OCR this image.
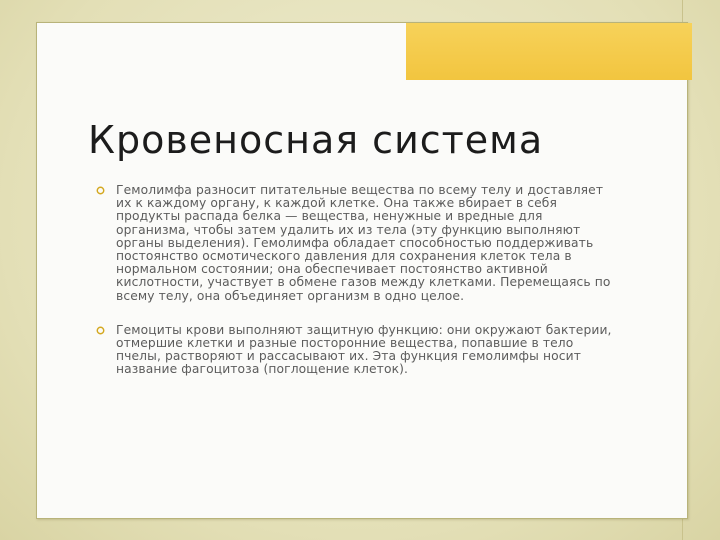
Кровеносная система
Гемолимфа разносит питательные вещества по всему телу и доставляет их к каждому органу, к каждой клетке. Она также вбирает в себя продукты распада белка — вещества, ненужные и вредные для организма, чтобы затем удалить их из тела (эту функцию выполняют органы выделения). Гемолимфа обладает способностью поддерживать постоянство осмотического давления для сохранения клеток тела в нормальном состоянии; она обеспечивает постоянство активной кислотности, участвует в обмене газов между клетками. Перемещаясь по всему телу, она объединяет организм в одно целое.
Гемоциты крови выполняют защитную функцию: они окружают бактерии, отмершие клетки и разные посторонние вещества, попавшие в тело пчелы, растворяют и рассасывают их. Эта функция гемолимфы носит название фагоцитоза (поглощение клеток).
